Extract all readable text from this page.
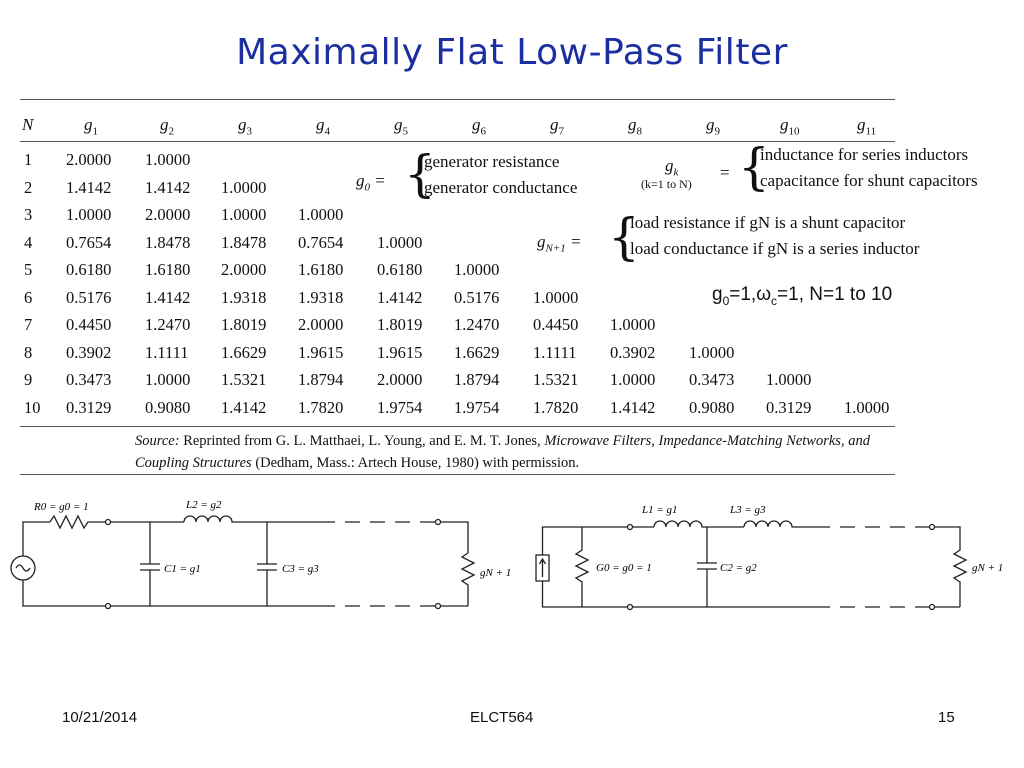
Maximally Flat Low-Pass Filter
N	$g_1$	$g_2$	$g_3$	$g_4$	$g_5$	$g_6$	$g_7$	$g_8$	$g_9$	$g_{10}$	$g_{11}$
1 2.0000 1.0000
2 1.4142 1.4142 1.0000
3 1.0000 2.0000 1.0000 1.0000
4 0.7654 1.8478 1.8478 0.7654 1.0000
5 0.6180 1.6180 2.0000 1.6180 0.6180 1.0000
6 0.5176 1.4142 1.9318 1.9318 1.4142 0.5176 1.0000
7 0.4450 1.2470 1.8019 2.0000 1.8019 1.2470 0.4450 1.0000
8 0.3902 1.1111 1.6629 1.9615 1.9615 1.6629 1.1111 0.3902 1.0000
9 0.3473 1.0000 1.5321 1.8794 2.0000 1.8794 1.5321 1.0000 0.3473 1.0000
10 0.3129 0.9080 1.4142 1.7820 1.9754 1.9754 1.7820 1.4142 0.9080 0.3129 1.0000
$g_0$ = {
generator resistance
generator conductance
$g_k$
(k=1 to N)
= {
inductance for series inductors
capacitance for shunt capacitors
$g_{N+1}$ = {
load resistance if gN is a shunt capacitor
load conductance if gN is a series inductor
$g_0=1,\omega_c=1$, N=1 to 10
Source: Reprinted from G. L. Matthaei, L. Young, and E. M. T. Jones, Microwave Filters, Impedance-Matching Networks, and Coupling Structures (Dedham, Mass.: Artech House, 1980) with permission.
R0 = g0 = 1	L2 = g2
C1 = g1	C3 = g3	gN + 1
L1 = g1	L3 = g3
G0 = g0 = 1	C2 = g2	gN + 1
10/21/2014	ELCT564	15
